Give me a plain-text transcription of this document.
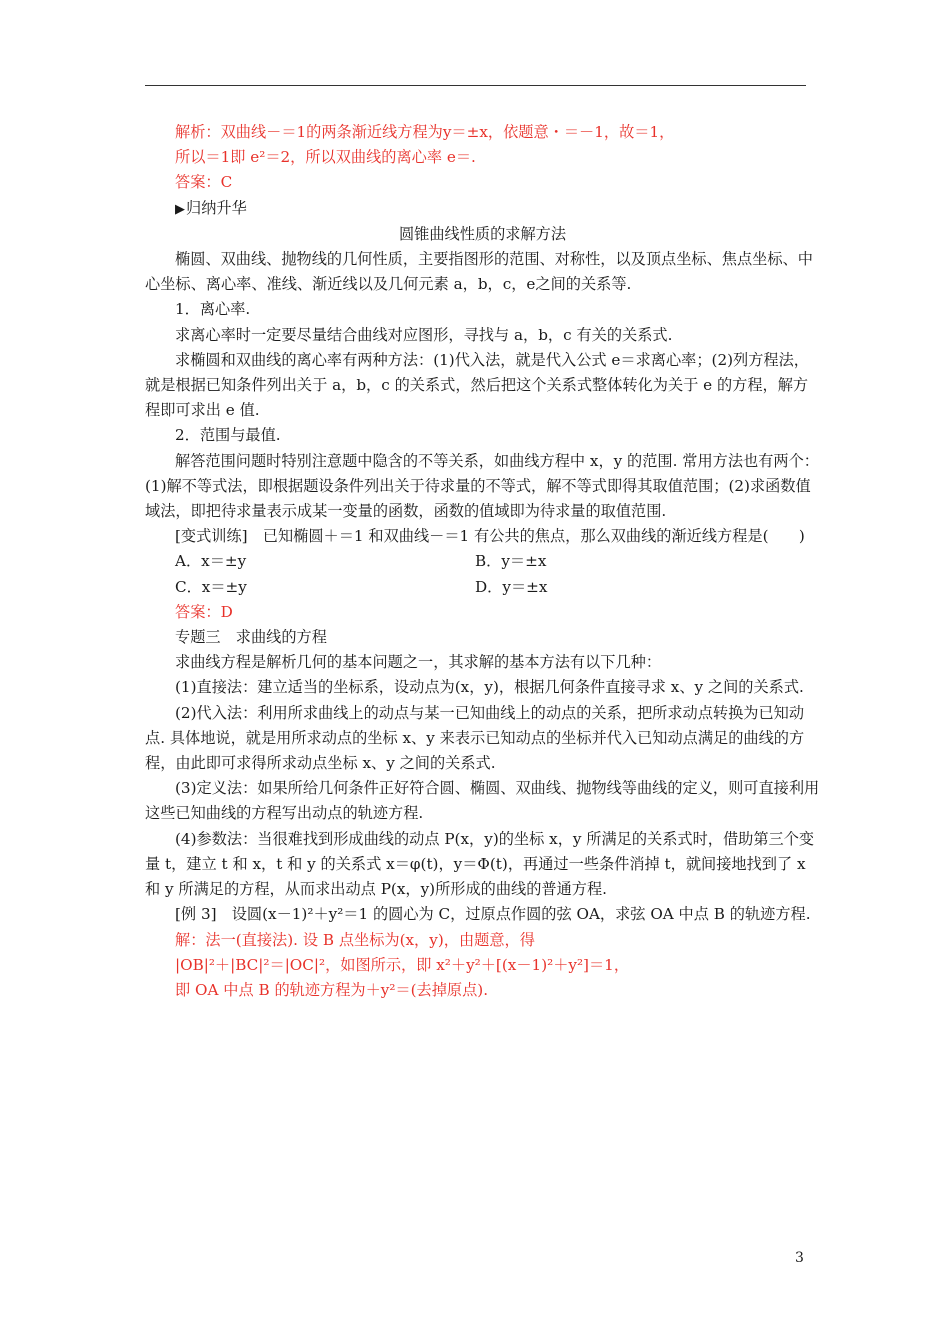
解析：双曲线－＝1的两条渐近线方程为y＝±x，依题意・＝－1，故＝1，

所以＝1即 e²＝2，所以双曲线的离心率 e＝.

答案：C

▶归纳升华

圆锥曲线性质的求解方法

椭圆、双曲线、抛物线的几何性质，主要指图形的范围、对称性，以及顶点坐标、焦点坐标、中心坐标、离心率、准线、渐近线以及几何元素 a，b，c，e之间的关系等.

1．离心率.

求离心率时一定要尽量结合曲线对应图形，寻找与 a，b，c 有关的关系式.

求椭圆和双曲线的离心率有两种方法：(1)代入法，就是代入公式 e＝求离心率；(2)列方程法，就是根据已知条件列出关于 a，b，c 的关系式，然后把这个关系式整体转化为关于 e 的方程，解方程即可求出 e 值.

2．范围与最值.

解答范围问题时特别注意题中隐含的不等关系，如曲线方程中 x，y 的范围. 常用方法也有两个：(1)解不等式法，即根据题设条件列出关于待求量的不等式，解不等式即得其取值范围；(2)求函数值域法，即把待求量表示成某一变量的函数，函数的值域即为待求量的取值范围.

[变式训练]　已知椭圆＋＝1 和双曲线－＝1 有公共的焦点，那么双曲线的渐近线方程是(　　)

A．x＝±y	B．y＝±x
C．x＝±y	D．y＝±x

答案：D

专题三　求曲线的方程

求曲线方程是解析几何的基本问题之一，其求解的基本方法有以下几种：

(1)直接法：建立适当的坐标系，设动点为(x，y)，根据几何条件直接寻求 x、y 之间的关系式.

(2)代入法：利用所求曲线上的动点与某一已知曲线上的动点的关系，把所求动点转换为已知动点. 具体地说，就是用所求动点的坐标 x、y 来表示已知动点的坐标并代入已知动点满足的曲线的方程，由此即可求得所求动点坐标 x、y 之间的关系式.

(3)定义法：如果所给几何条件正好符合圆、椭圆、双曲线、抛物线等曲线的定义，则可直接利用这些已知曲线的方程写出动点的轨迹方程.

(4)参数法：当很难找到形成曲线的动点 P(x，y)的坐标 x，y 所满足的关系式时，借助第三个变量 t，建立 t 和 x，t 和 y 的关系式 x＝φ(t)，y＝Φ(t)，再通过一些条件消掉 t，就间接地找到了 x 和 y 所满足的方程，从而求出动点 P(x，y)所形成的曲线的普通方程.

[例 3]　设圆(x－1)²＋y²＝1 的圆心为 C，过原点作圆的弦 OA，求弦 OA 中点 B 的轨迹方程.

解：法一(直接法). 设 B 点坐标为(x，y)，由题意，得

|OB|²＋|BC|²＝|OC|²，如图所示，即 x²＋y²＋[(x－1)²＋y²]＝1，

即 OA 中点 B 的轨迹方程为＋y²＝(去掉原点).

3
